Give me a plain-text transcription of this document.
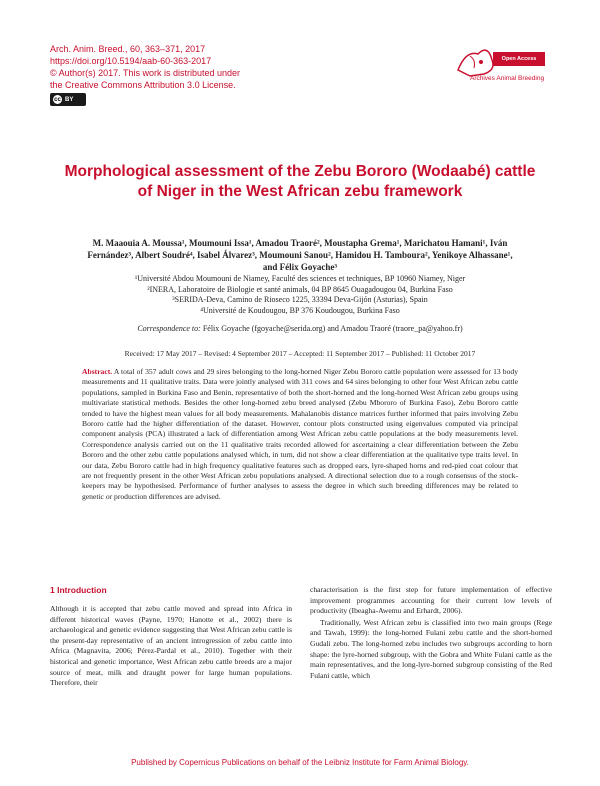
Arch. Anim. Breed., 60, 363–371, 2017
https://doi.org/10.5194/aab-60-363-2017
© Author(s) 2017. This work is distributed under
the Creative Commons Attribution 3.0 License.
cc BY
Open Access
Archives Animal Breeding
Morphological assessment of the Zebu Bororo (Wodaabé) cattle of Niger in the West African zebu framework
M. Maaouia A. Moussa¹, Moumouni Issa¹, Amadou Traoré², Moustapha Grema¹, Marichatou Hamani¹, Iván Fernández³, Albert Soudré⁴, Isabel Álvarez³, Moumouni Sanou², Hamidou H. Tamboura², Yenikoye Alhassane¹, and Félix Goyache³
¹Université Abdou Moumouni de Niamey, Faculté des sciences et techniques, BP 10960 Niamey, Niger
²INERA, Laboratoire de Biologie et santé animals, 04 BP 8645 Ouagadougou 04, Burkina Faso
³SERIDA-Deva, Camino de Rioseco 1225, 33394 Deva-Gijón (Asturias), Spain
⁴Université de Koudougou, BP 376 Koudougou, Burkina Faso
Correspondence to: Félix Goyache (fgoyache@serida.org) and Amadou Traoré (traore_pa@yahoo.fr)
Received: 17 May 2017 – Revised: 4 September 2017 – Accepted: 11 September 2017 – Published: 11 October 2017
Abstract. A total of 357 adult cows and 29 sires belonging to the long-horned Niger Zebu Bororo cattle population were assessed for 13 body measurements and 11 qualitative traits. Data were jointly analysed with 311 cows and 64 sires belonging to other four West African zebu cattle populations, sampled in Burkina Faso and Benin, representative of both the short-horned and the long-horned West African zebu groups using multivariate statistical methods. Besides the other long-horned zebu breed analysed (Zebu Mbororo of Burkina Faso), Zebu Bororo cattle tended to have the highest mean values for all body measurements. Mahalanobis distance matrices further informed that pairs involving Zebu Bororo cattle had the higher differentiation of the dataset. However, contour plots constructed using eigenvalues computed via principal component analysis (PCA) illustrated a lack of differentiation among West African zebu cattle populations at the body measurements level. Correspondence analysis carried out on the 11 qualitative traits recorded allowed for ascertaining a clear differentiation between the Zebu Bororo and the other zebu cattle populations analysed which, in turn, did not show a clear differentiation at the qualitative type traits level. In our data, Zebu Bororo cattle had in high frequency qualitative features such as dropped ears, lyre-shaped horns and red-pied coat colour that are not frequently present in the other West African zebu populations analysed. A directional selection due to a rough consensus of the stock-keepers may be hypothesised. Performance of further analyses to assess the degree in which such breeding differences may be related to genetic or production differences are advised.
1 Introduction

Although it is accepted that zebu cattle moved and spread into Africa in different historical waves (Payne, 1970; Hanotte et al., 2002) there is archaeological and genetic evidence suggesting that West African zebu cattle is the present-day representative of an ancient introgression of zebu cattle into Africa (Magnavita, 2006; Pérez-Pardal et al., 2010). Together with their historical and genetic importance, West African zebu cattle breeds are a major source of meat, milk and draught power for large human populations. Therefore, their

characterisation is the first step for future implementation of effective improvement programmes accounting for their current low levels of productivity (Ibeagha-Awemu and Erhardt, 2006).

Traditionally, West African zebu is classified into two main groups (Rege and Tawah, 1999): the long-horned Fulani zebu cattle and the short-horned Gudali zebu. The long-horned zebu includes two subgroups according to horn shape: the lyre-horned subgroup, with the Gobra and White Fulani cattle as the main representatives, and the long-lyre-horned subgroup consisting of the Red Fulani cattle, which

Published by Copernicus Publications on behalf of the Leibniz Institute for Farm Animal Biology.
